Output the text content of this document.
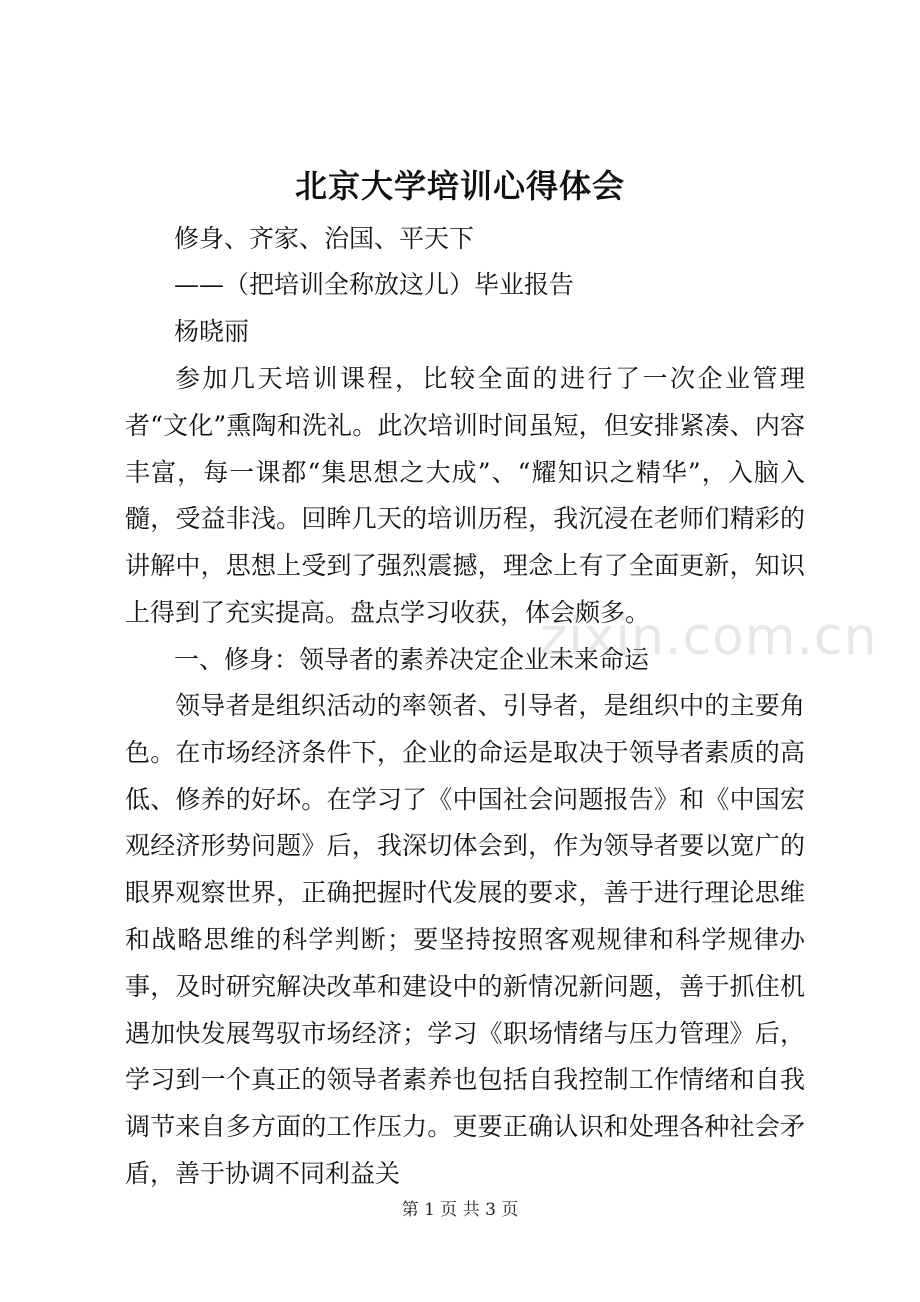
北京大学培训心得体会
修身、齐家、治国、平天下
——（把培训全称放这儿）毕业报告
杨晓丽

参加几天培训课程，比较全面的进行了一次企业管理者“文化”熏陶和洗礼。此次培训时间虽短，但安排紧凑、内容丰富，每一课都“集思想之大成”、“耀知识之精华”，入脑入髓，受益非浅。回眸几天的培训历程，我沉浸在老师们精彩的讲解中，思想上受到了强烈震撼，理念上有了全面更新，知识上得到了充实提高。盘点学习收获，体会颇多。

一、修身：领导者的素养决定企业未来命运

领导者是组织活动的率领者、引导者，是组织中的主要角色。在市场经济条件下，企业的命运是取决于领导者素质的高低、修养的好坏。在学习了《中国社会问题报告》和《中国宏观经济形势问题》后，我深切体会到，作为领导者要以宽广的眼界观察世界，正确把握时代发展的要求，善于进行理论思维和战略思维的科学判断；要坚持按照客观规律和科学规律办事，及时研究解决改革和建设中的新情况新问题，善于抓住机遇加快发展驾驭市场经济；学习《职场情绪与压力管理》后，学习到一个真正的领导者素养也包括自我控制工作情绪和自我调节来自多方面的工作压力。更要正确认识和处理各种社会矛盾，善于协调不同利益关

zixin.com.cn
第 1 页 共 3 页
